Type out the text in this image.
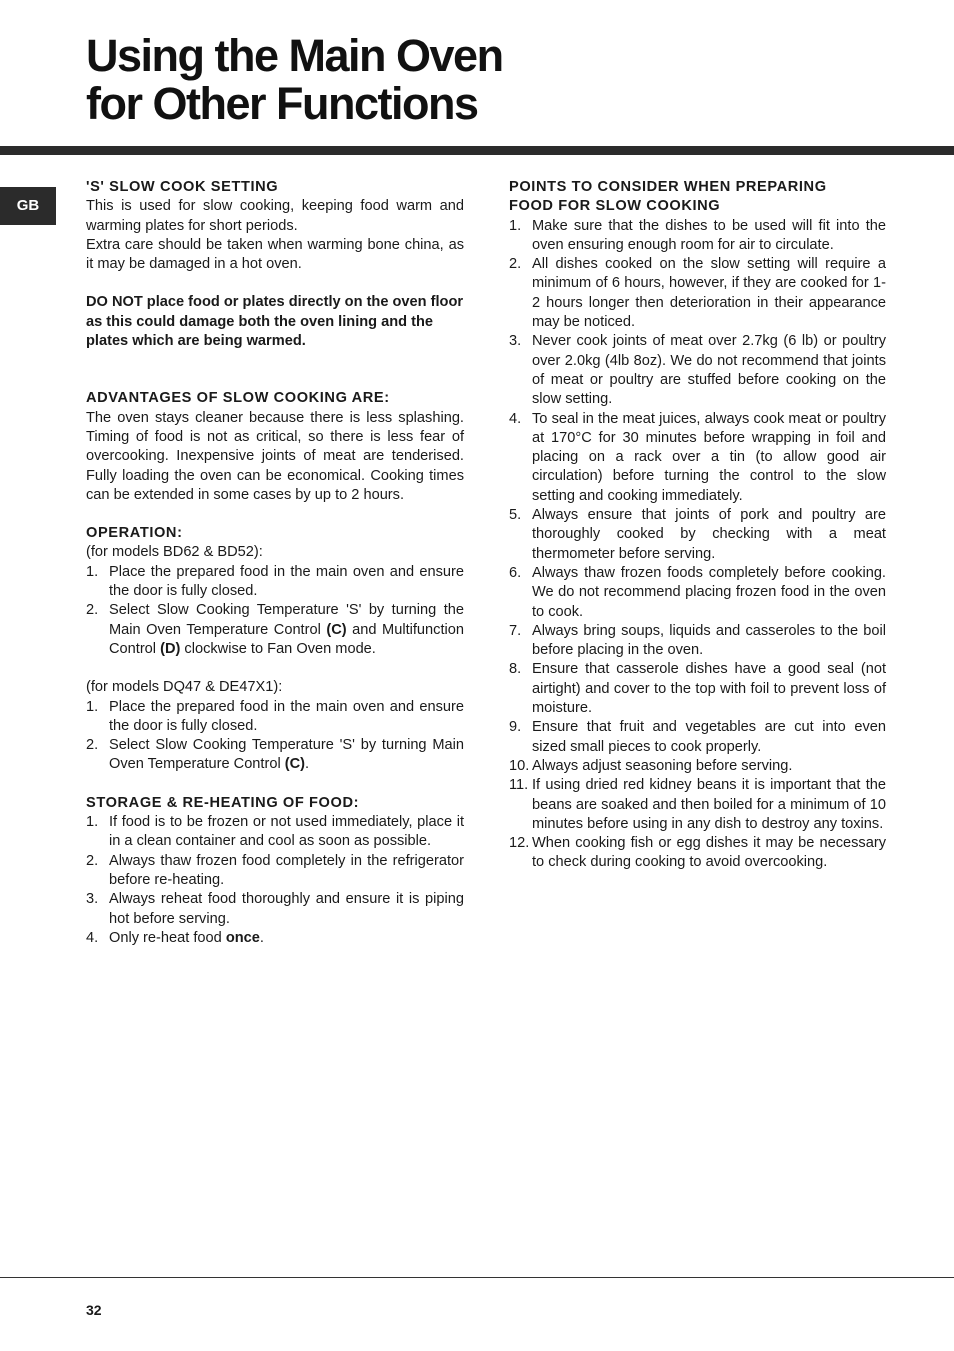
Using the Main Oven
for Other Functions
GB

'S' SLOW COOK SETTING

This is used for slow cooking, keeping food warm and warming plates for short periods.

Extra care should be taken when warming bone china, as it may be damaged in a hot oven.

DO NOT place food or plates directly on the oven floor as this could damage both the oven lining and the plates which are being warmed.

ADVANTAGES OF SLOW COOKING ARE:

The oven stays cleaner because there is less splashing. Timing of food is not as critical, so there is less fear of overcooking. Inexpensive joints of meat are tenderised. Fully loading the oven can be economical. Cooking times can be extended in some cases by up to 2 hours.

OPERATION:

(for models BD62 & BD52):

1. Place the prepared food in the main oven and ensure the door is fully closed.
2. Select Slow Cooking Temperature 'S' by turning the Main Oven Temperature Control (C) and Multifunction Control (D) clockwise to Fan Oven mode.

(for models DQ47 & DE47X1):

1. Place the prepared food in the main oven and ensure the door is fully closed.
2. Select Slow Cooking Temperature 'S' by turning Main Oven Temperature Control (C).

STORAGE & RE-HEATING OF FOOD:

1. If food is to be frozen or not used immediately, place it in a clean container and cool as soon as possible.
2. Always thaw frozen food completely in the refrigerator before re-heating.
3. Always reheat food thoroughly and ensure it is piping hot before serving.
4. Only re-heat food once.

POINTS TO CONSIDER WHEN PREPARING

FOOD FOR SLOW COOKING

1. Make sure that the dishes to be used will fit into the oven ensuring enough room for air to circulate.
2. All dishes cooked on the slow setting will require a minimum of 6 hours, however, if they are cooked for 1-2 hours longer then deterioration in their appearance may be noticed.
3. Never cook joints of meat over 2.7kg (6 lb) or poultry over 2.0kg (4lb 8oz). We do not recommend that joints of meat or poultry are stuffed before cooking on the slow setting.
4. To seal in the meat juices, always cook meat or poultry at 170°C for 30 minutes before wrapping in foil and placing on a rack over a tin (to allow good air circulation) before turning the control to the slow setting and cooking immediately.
5. Always ensure that joints of pork and poultry are thoroughly cooked by checking with a meat thermometer before serving.
6. Always thaw frozen foods completely before cooking. We do not recommend placing frozen food in the oven to cook.
7. Always bring soups, liquids and casseroles to the boil before placing in the oven.
8. Ensure that casserole dishes have a good seal (not airtight) and cover to the top with foil to prevent loss of moisture.
9. Ensure that fruit and vegetables are cut into even sized small pieces to cook properly.
10. Always adjust seasoning before serving.
11. If using dried red kidney beans it is important that the beans are soaked and then boiled for a minimum of 10 minutes before using in any dish to destroy any toxins.
12. When cooking fish or egg dishes it may be necessary to check during cooking to avoid overcooking.
32
